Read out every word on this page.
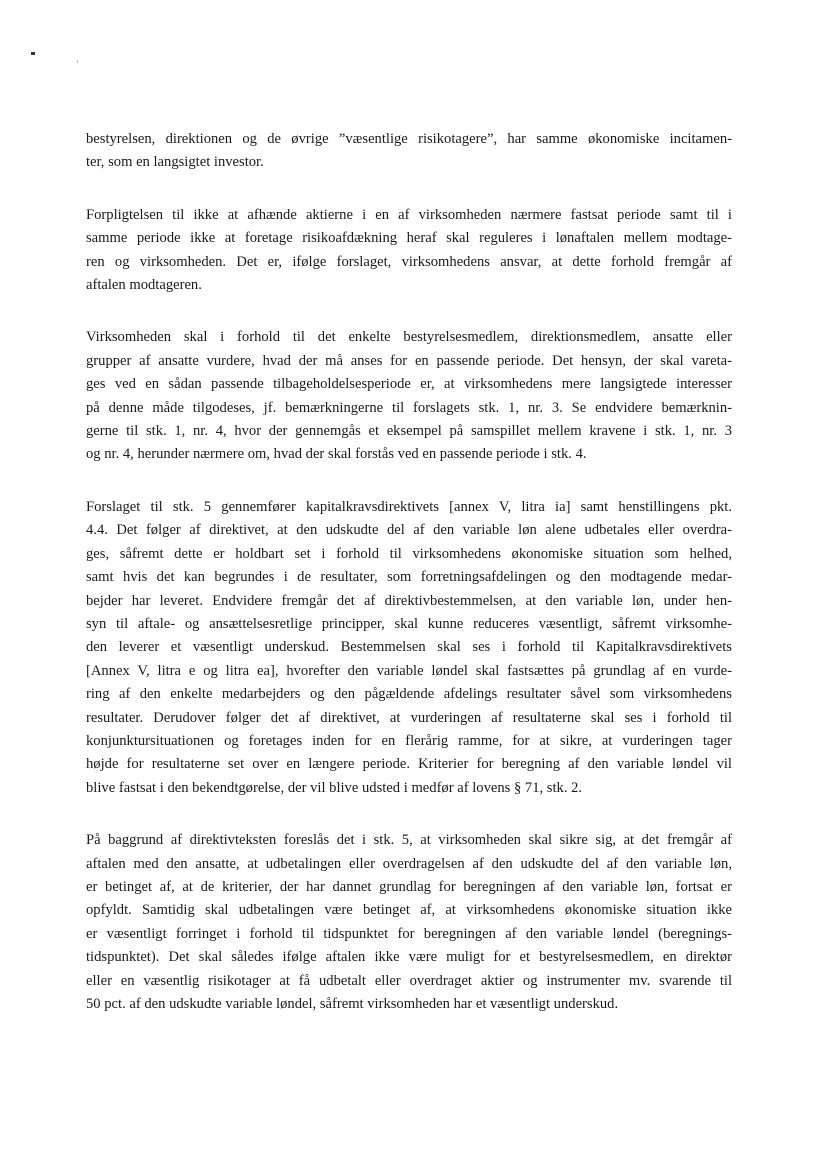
bestyrelsen, direktionen og de øvrige ”væsentlige risikotagere”, har samme økonomiske incitamen-
ter, som en langsigtet investor.

Forpligtelsen til ikke at afhænde aktierne i en af virksomheden nærmere fastsat periode samt til i
samme periode ikke at foretage risikoafdækning heraf skal reguleres i lønaftalen mellem modtage-
ren og virksomheden. Det er, ifølge forslaget, virksomhedens ansvar, at dette forhold fremgår af
aftalen modtageren.

Virksomheden skal i forhold til det enkelte bestyrelsesmedlem, direktionsmedlem, ansatte eller
grupper af ansatte vurdere, hvad der må anses for en passende periode. Det hensyn, der skal vareta-
ges ved en sådan passende tilbageholdelsesperiode er, at virksomhedens mere langsigtede interesser
på denne måde tilgodeses, jf. bemærkningerne til forslagets stk. 1, nr. 3. Se endvidere bemærknin-
gerne til stk. 1, nr. 4, hvor der gennemgås et eksempel på samspillet mellem kravene i stk. 1, nr. 3
og nr. 4, herunder nærmere om, hvad der skal forstås ved en passende periode i stk. 4.

Forslaget til stk. 5 gennemfører kapitalkravsdirektivets [annex V, litra ia] samt henstillingens pkt.
4.4. Det følger af direktivet, at den udskudte del af den variable løn alene udbetales eller overdra-
ges, såfremt dette er holdbart set i forhold til virksomhedens økonomiske situation som helhed,
samt hvis det kan begrundes i de resultater, som forretningsafdelingen og den modtagende medar-
bejder har leveret. Endvidere fremgår det af direktivbestemmelsen, at den variable løn, under hen-
syn til aftale- og ansættelsesretlige principper, skal kunne reduceres væsentligt, såfremt virksomhe-
den leverer et væsentligt underskud. Bestemmelsen skal ses i forhold til Kapitalkravsdirektivets
[Annex V, litra e og litra ea], hvorefter den variable løndel skal fastsættes på grundlag af en vurde-
ring af den enkelte medarbejders og den pågældende afdelings resultater såvel som virksomhedens
resultater. Derudover følger det af direktivet, at vurderingen af resultaterne skal ses i forhold til
konjunktursituationen og foretages inden for en flerårig ramme, for at sikre, at vurderingen tager
højde for resultaterne set over en længere periode. Kriterier for beregning af den variable løndel vil
blive fastsat i den bekendtgørelse, der vil blive udsted i medfør af lovens § 71, stk. 2.

På baggrund af direktivteksten foreslås det i stk. 5, at virksomheden skal sikre sig, at det fremgår af
aftalen med den ansatte, at udbetalingen eller overdragelsen af den udskudte del af den variable løn,
er betinget af, at de kriterier, der har dannet grundlag for beregningen af den variable løn, fortsat er
opfyldt. Samtidig skal udbetalingen være betinget af, at virksomhedens økonomiske situation ikke
er væsentligt forringet i forhold til tidspunktet for beregningen af den variable løndel (beregnings-
tidspunktet). Det skal således ifølge aftalen ikke være muligt for et bestyrelsesmedlem, en direktør
eller en væsentlig risikotager at få udbetalt eller overdraget aktier og instrumenter mv. svarende til
50 pct. af den udskudte variable løndel, såfremt virksomheden har et væsentligt underskud.
